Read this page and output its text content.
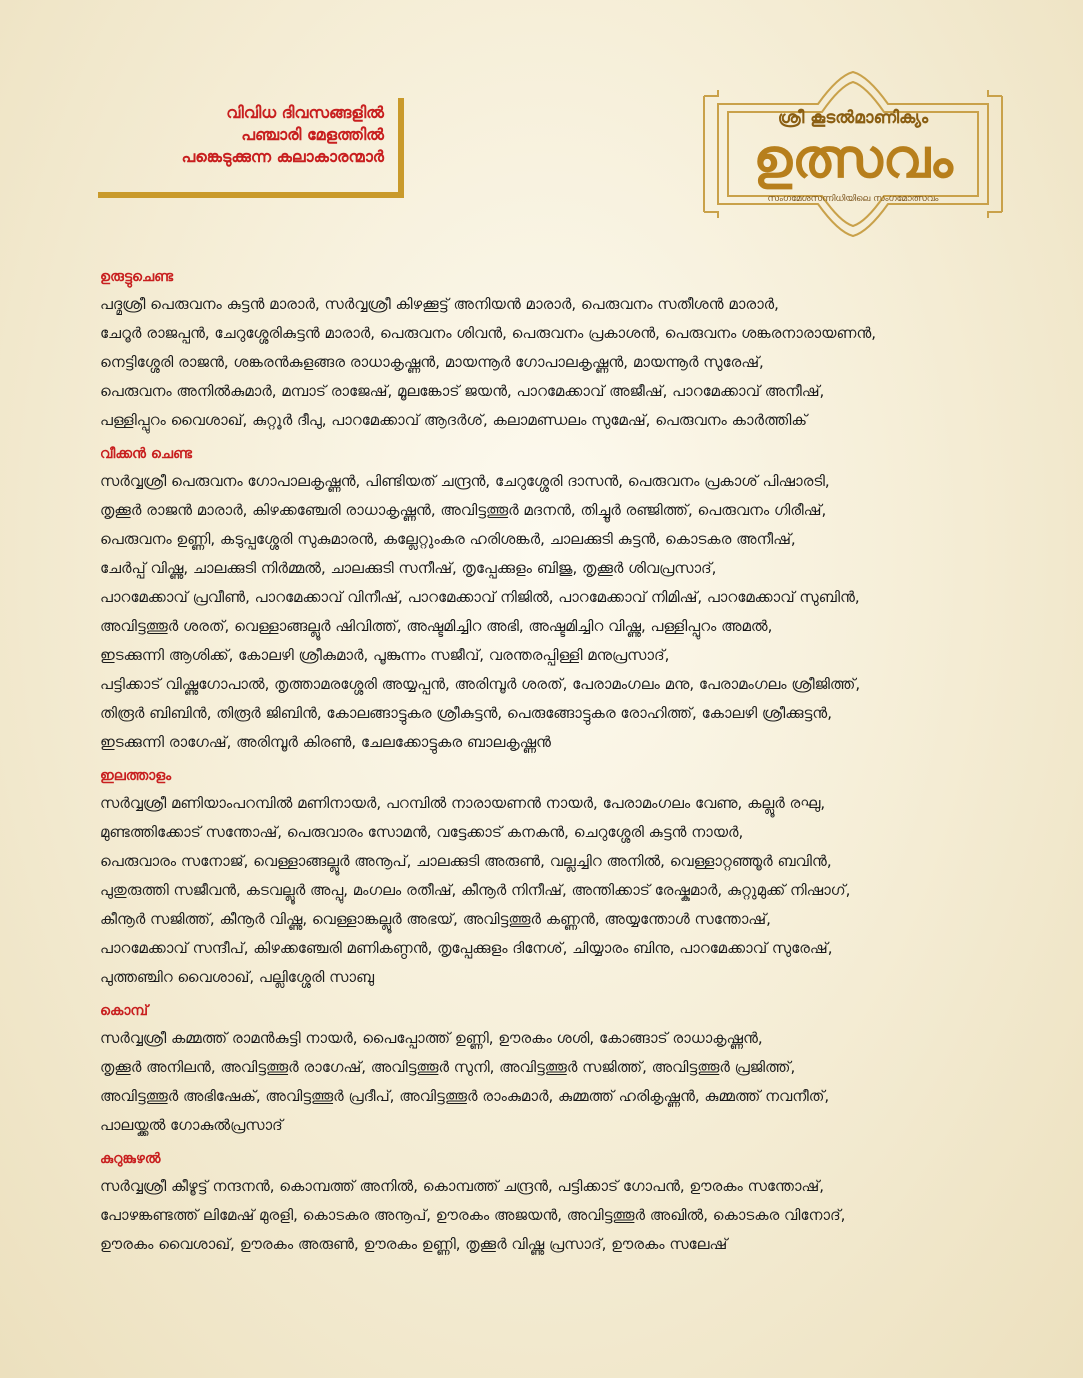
വിവിധ ദിവസങ്ങളിൽ
പഞ്ചാരി മേളത്തിൽ
പങ്കെടുക്കുന്ന കലാകാരന്മാർ
ശ്രീ കൂടൽമാണിക്യം
ഉത്സവം
സംഗമേശസന്നിധിയിലെ സംഗമോത്സവം
ഉരുട്ടുചെണ്ട
പദ്മശ്രീ പെരുവനം കുട്ടൻ മാരാർ, സർവ്വശ്രീ കിഴക്കൂട്ട് അനിയൻ മാരാർ, പെരുവനം സതീശൻ മാരാർ,
ചേറൂർ രാജപ്പൻ, ചേറുശ്ശേരികുട്ടൻ മാരാർ, പെരുവനം ശിവൻ, പെരുവനം പ്രകാശൻ, പെരുവനം ശങ്കരനാരായണൻ,
നെട്ടിശ്ശേരി രാജൻ, ശങ്കരൻകുളങ്ങര രാധാകൃഷ്ണൻ, മായന്നൂർ ഗോപാലകൃഷ്ണൻ, മായന്നൂർ സുരേഷ്,
പെരുവനം അനിൽകുമാർ, മമ്പാട് രാജേഷ്, മൂലങ്കോട് ജയൻ, പാറമേക്കാവ് അജീഷ്, പാറമേക്കാവ് അനീഷ്,
പള്ളിപ്പുറം വൈശാഖ്, കുറ്റൂർ ദീപു, പാറമേക്കാവ് ആദർശ്, കലാമണ്ഡലം സുമേഷ്, പെരുവനം കാർത്തിക്
വീക്കൻ ചെണ്ട
സർവ്വശ്രീ പെരുവനം ഗോപാലകൃഷ്ണൻ, പിണ്ടിയത് ചന്ദ്രൻ, ചേറുശ്ശേരി ദാസൻ, പെരുവനം പ്രകാശ് പിഷാരടി,
തൃക്കൂർ രാജൻ മാരാർ, കിഴക്കഞ്ചേരി രാധാകൃഷ്ണൻ, അവിട്ടത്തൂർ മദനൻ, തിച്ചൂർ രഞ്ജിത്ത്, പെരുവനം ഗിരീഷ്,
പെരുവനം ഉണ്ണി, കടുപ്പശ്ശേരി സുകുമാരൻ, കല്ലേറ്റുംകര ഹരിശങ്കർ, ചാലക്കുടി കുട്ടൻ, കൊടകര അനീഷ്,
ചേർപ്പ് വിഷ്ണു, ചാലക്കുടി നിർമ്മൽ, ചാലക്കുടി സനീഷ്, തൃപ്പേക്കുളം ബിജു, തൃക്കൂർ ശിവപ്രസാദ്,
പാറമേക്കാവ് പ്രവീൺ, പാറമേക്കാവ് വിനീഷ്, പാറമേക്കാവ് നിജിൽ, പാറമേക്കാവ് നിമിഷ്, പാറമേക്കാവ് സുബിൻ,
അവിട്ടത്തൂർ ശരത്, വെള്ളാങ്ങല്ലൂർ ഷിവിത്ത്, അഷ്ടമിച്ചിറ അഭി, അഷ്ടമിച്ചിറ വിഷ്ണു, പള്ളിപ്പുറം അമൽ,
ഇടക്കുന്നി ആശിക്ക്, കോലഴി ശ്രീകുമാർ, പൂങ്കുന്നം സജീവ്, വരന്തരപ്പിള്ളി മനുപ്രസാദ്,
പട്ടിക്കാട് വിഷ്ണുഗോപാൽ, തൃത്താമരശ്ശേരി അയ്യപ്പൻ, അരിമ്പൂർ ശരത്, പേരാമംഗലം മനു, പേരാമംഗലം ശ്രീജിത്ത്,
തിരൂർ ബിബിൻ, തിരൂർ ജിബിൻ, കോലങ്ങാട്ടുകര ശ്രീകുട്ടൻ, പെരുങ്ങോട്ടുകര രോഹിത്ത്, കോലഴി ശ്രീക്കുട്ടൻ,
ഇടക്കുന്നി രാഗേഷ്, അരിമ്പൂർ കിരൺ, ചേലക്കോട്ടുകര ബാലകൃഷ്ണൻ
ഇലത്താളം
സർവ്വശ്രീ മണിയാംപറമ്പിൽ മണിനായർ, പറമ്പിൽ നാരായണൻ നായർ, പേരാമംഗലം വേണു, കല്ലൂർ രഘു,
മുണ്ടത്തിക്കോട് സന്തോഷ്, പെരുവാരം സോമൻ, വട്ടേക്കാട് കനകൻ, ചെറുശ്ശേരി കുട്ടൻ നായർ,
പെരുവാരം സനോജ്, വെള്ളാങ്ങല്ലൂർ അനൂപ്, ചാലക്കുടി അരുൺ, വല്ലച്ചിറ അനിൽ, വെള്ളാറ്റഞ്ഞൂർ ബവിൻ,
പുതുരുത്തി സജീവൻ, കടവല്ലൂർ അപ്പു, മംഗലം രതീഷ്, കീനൂർ നിനീഷ്, അന്തിക്കാട് രേഷ്കുമാർ, കുറ്റുമുക്ക് നിഷാഗ്,
കീനൂർ സജിത്ത്, കീനൂർ വിഷ്ണു, വെള്ളാങ്കല്ലൂർ അഭയ്, അവിട്ടത്തൂർ കണ്ണൻ, അയ്യന്തോൾ സന്തോഷ്,
പാറമേക്കാവ് സന്ദീപ്, കിഴക്കഞ്ചേരി മണികണ്ഠൻ, തൃപ്പേക്കുളം ദിനേശ്, ചിയ്യാരം ബിനു, പാറമേക്കാവ് സുരേഷ്,
പുത്തഞ്ചിറ വൈശാഖ്, പല്ലിശ്ശേരി സാബു
കൊമ്പ്
സർവ്വശ്രീ കമ്മത്ത് രാമൻകുട്ടി നായർ, പൈപ്പോത്ത് ഉണ്ണി, ഊരകം ശശി, കോങ്ങാട് രാധാകൃഷ്ണൻ,
തൃക്കൂർ അനിലൻ, അവിട്ടത്തൂർ രാഗേഷ്, അവിട്ടത്തൂർ സുനി, അവിട്ടത്തൂർ സജിത്ത്, അവിട്ടത്തൂർ പ്രജിത്ത്,
അവിട്ടത്തൂർ അഭിഷേക്, അവിട്ടത്തൂർ പ്രദീപ്, അവിട്ടത്തൂർ രാംകുമാർ, കുമ്മത്ത് ഹരികൃഷ്ണൻ, കുമ്മത്ത് നവനീത്,
പാലയ്ക്കൽ ഗോകുൽപ്രസാദ്
കുറുങ്കുഴൽ
സർവ്വശ്രീ കീഴൂട്ട് നന്ദനൻ, കൊമ്പത്ത് അനിൽ, കൊമ്പത്ത് ചന്ദ്രൻ, പട്ടിക്കാട് ഗോപൻ, ഊരകം സന്തോഷ്,
പോഴങ്കണ്ടത്ത് ലിമേഷ് മുരളി, കൊടകര അനൂപ്, ഊരകം അജയൻ, അവിട്ടത്തൂർ അഖിൽ, കൊടകര വിനോദ്,
ഊരകം വൈശാഖ്, ഊരകം അരുൺ, ഊരകം ഉണ്ണി, തൃക്കൂർ വിഷ്ണു പ്രസാദ്, ഊരകം സലേഷ്
